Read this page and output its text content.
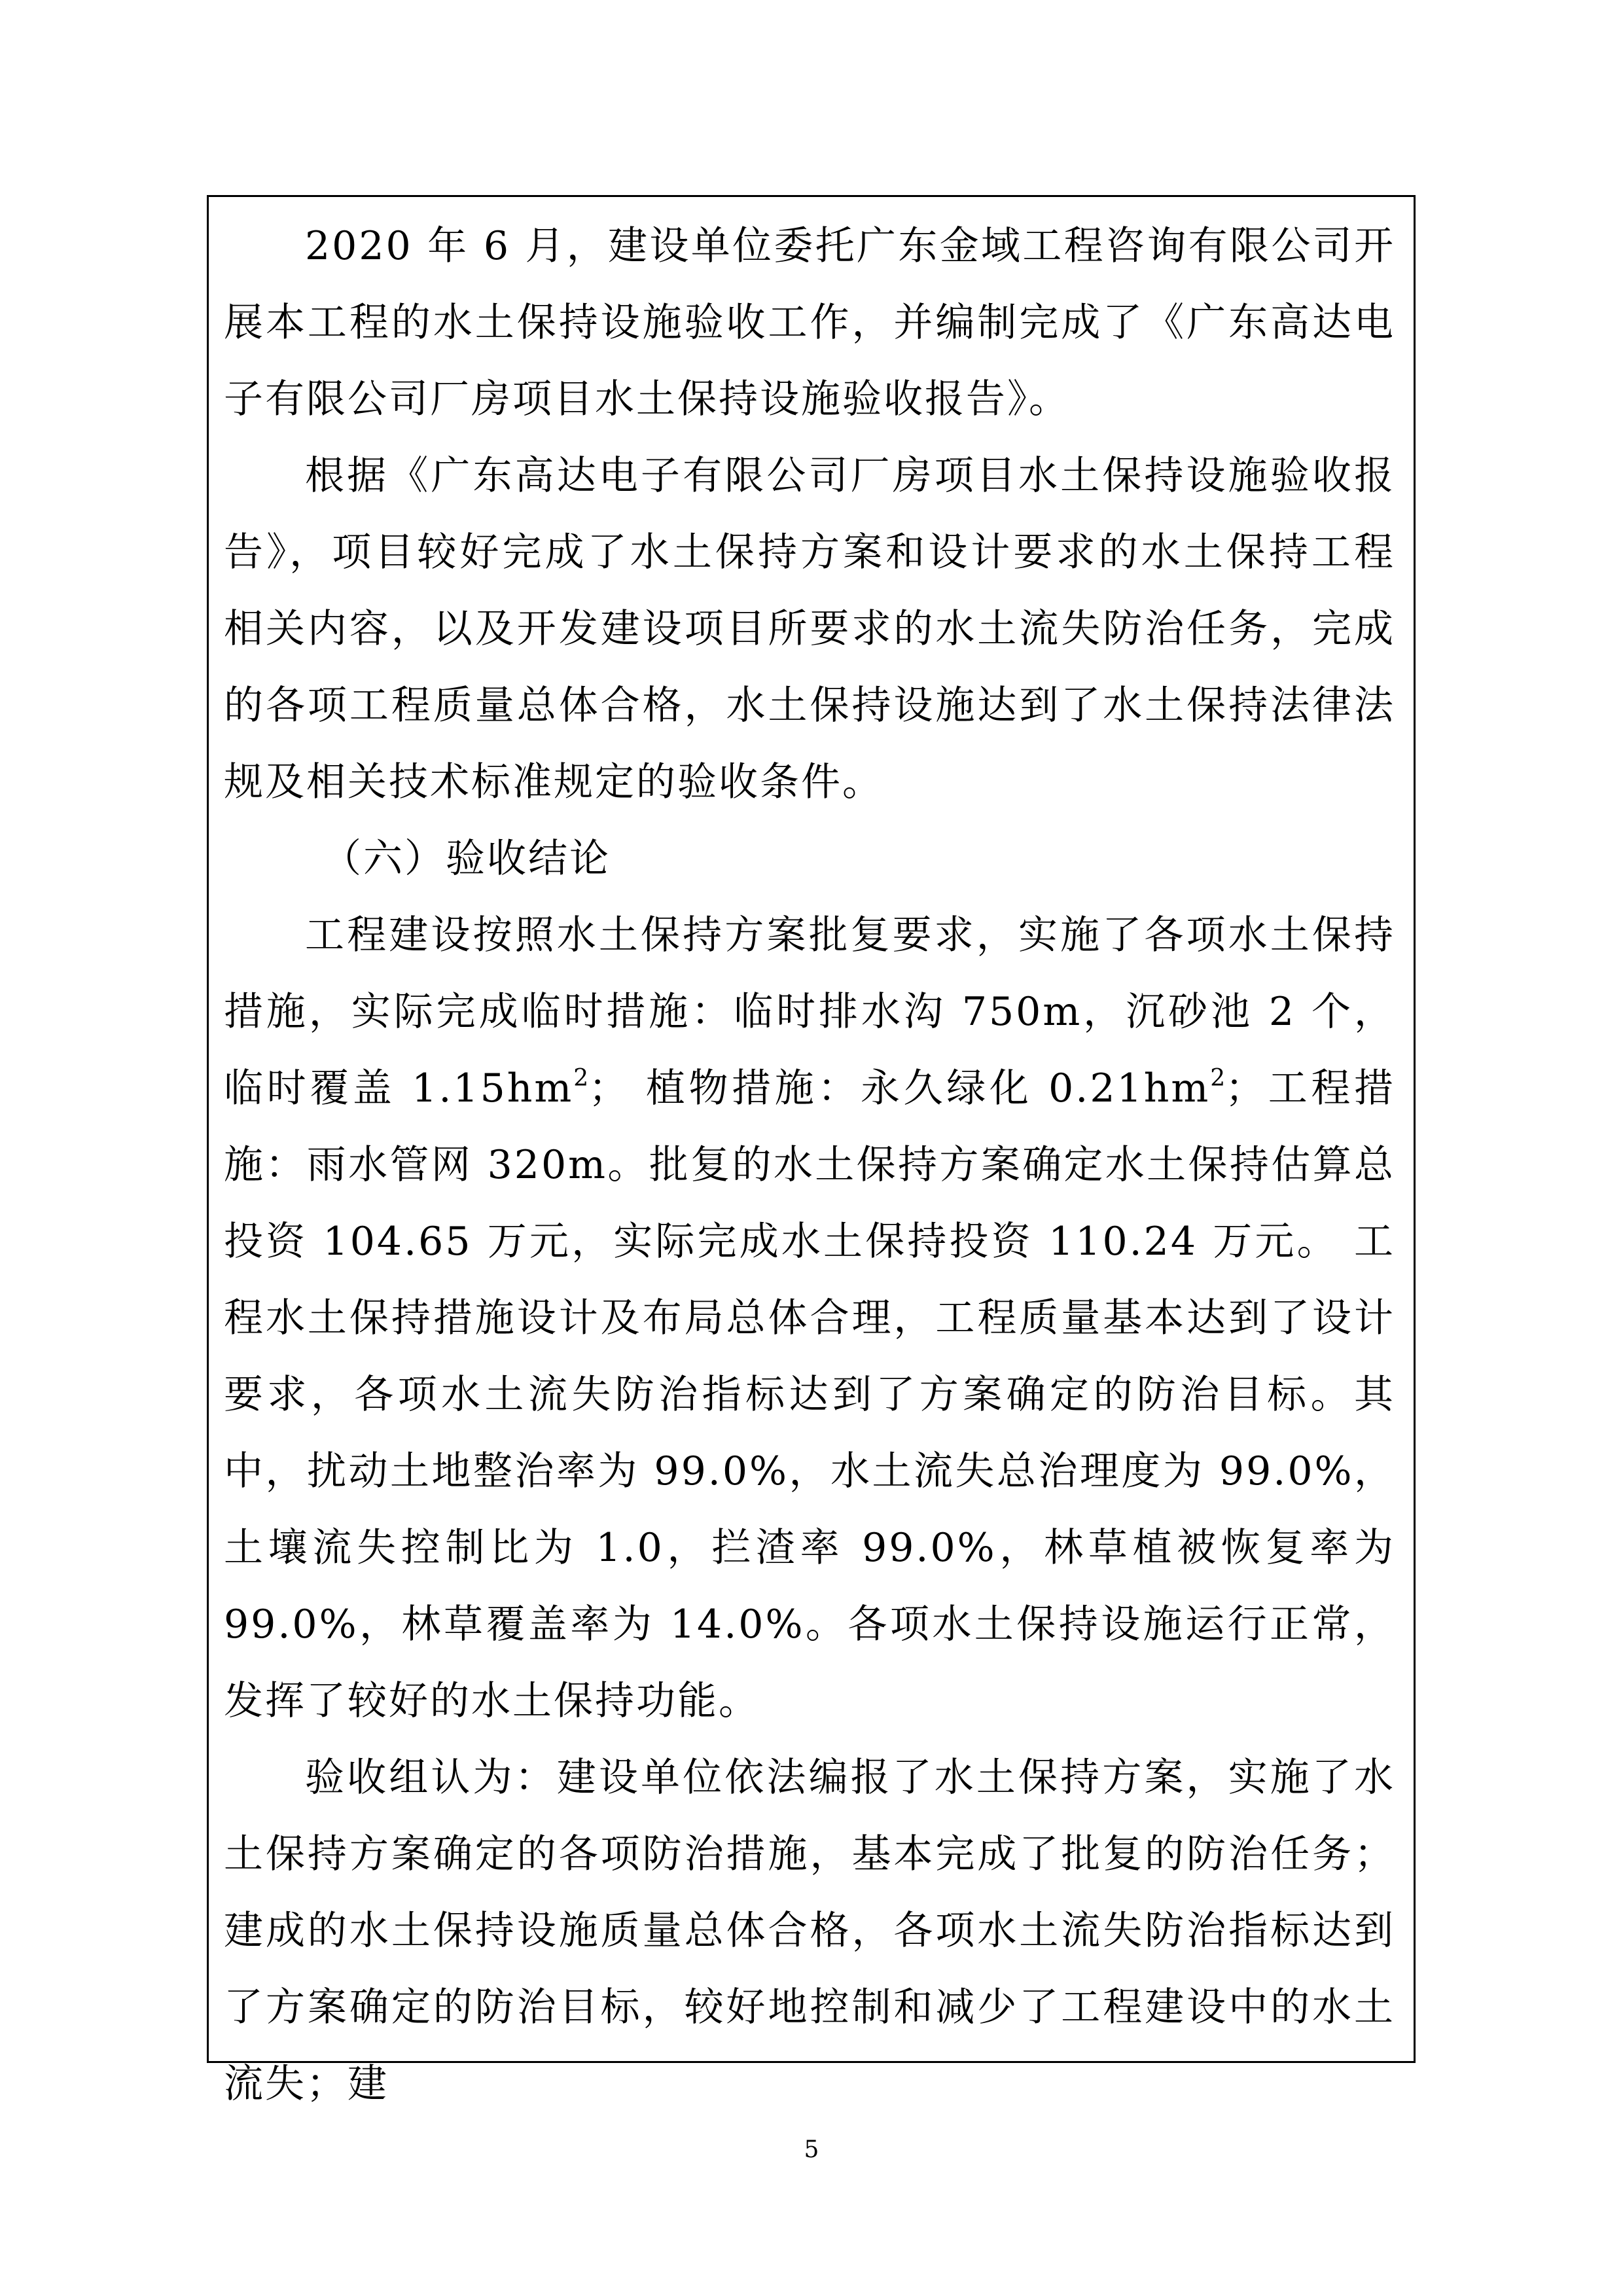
2020 年 6 月，建设单位委托广东金域工程咨询有限公司开展本工程的水土保持设施验收工作，并编制完成了《广东高达电子有限公司厂房项目水土保持设施验收报告》。

根据《广东高达电子有限公司厂房项目水土保持设施验收报告》，项目较好完成了水土保持方案和设计要求的水土保持工程相关内容，以及开发建设项目所要求的水土流失防治任务，完成的各项工程质量总体合格，水土保持设施达到了水土保持法律法规及相关技术标准规定的验收条件。

（六）验收结论

工程建设按照水土保持方案批复要求，实施了各项水土保持措施，实际完成临时措施：临时排水沟 750m，沉砂池 2 个，临时覆盖 $1.15hm^2$； 植物措施：永久绿化 $0.21hm^2$；工程措施：雨水管网 320m。批复的水土保持方案确定水土保持估算总投资 104.65 万元，实际完成水土保持投资 110.24 万元。 工程水土保持措施设计及布局总体合理，工程质量基本达到了设计要求，各项水土流失防治指标达到了方案确定的防治目标。其中，扰动土地整治率为 99.0%，水土流失总治理度为 99.0%，土壤流失控制比为 1.0，拦渣率 99.0%，林草植被恢复率为 99.0%，林草覆盖率为 14.0%。各项水土保持设施运行正常，发挥了较好的水土保持功能。

验收组认为：建设单位依法编报了水土保持方案，实施了水土保持方案确定的各项防治措施，基本完成了批复的防治任务；建成的水土保持设施质量总体合格，各项水土流失防治指标达到了方案确定的防治目标，较好地控制和减少了工程建设中的水土流失；建

5
